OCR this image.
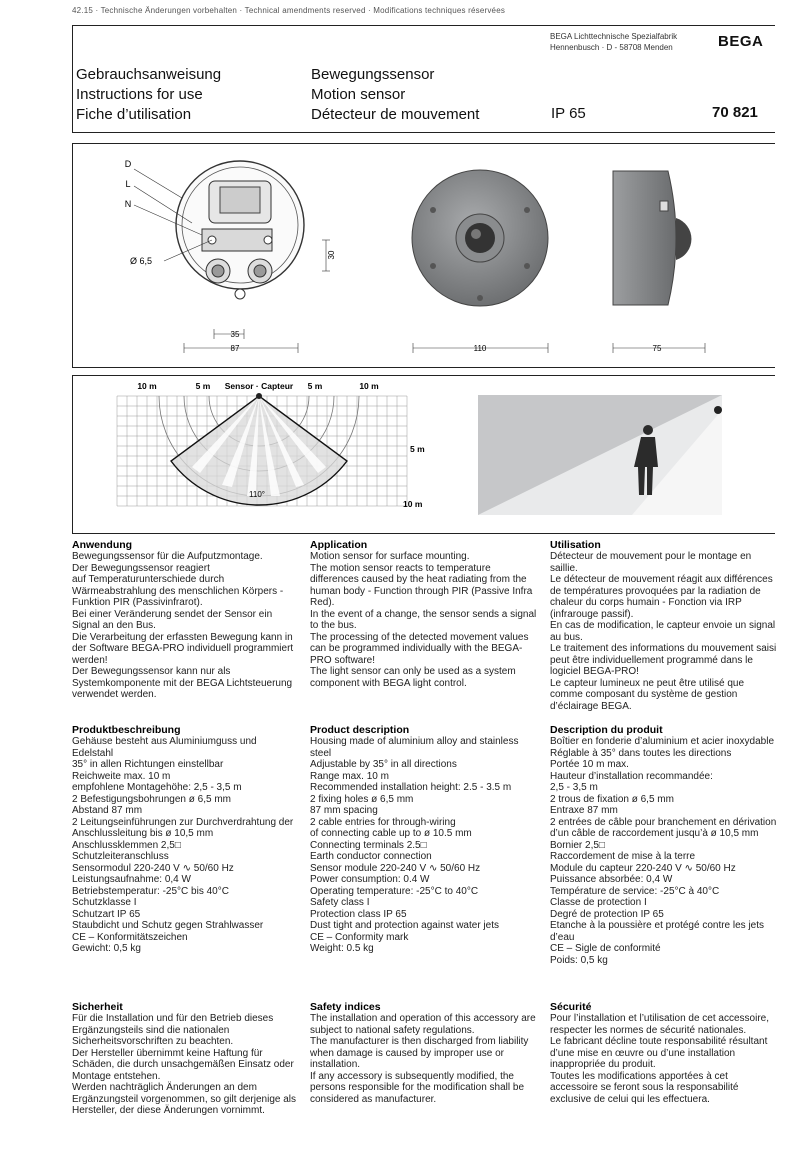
42.15 · Technische Änderungen vorbehalten · Technical amendments reserved · Modifications techniques réservées
BEGA Lichttechnische Spezialfabrik
Hennenbusch · D - 58708 Menden	BEGA
Gebrauchsanweisung
Instructions for use
Fiche d’utilisation
Bewegungssensor
Motion sensor
Détecteur de mouvement	IP 65	70 821
D
L
N
Ø 6,5
30
35
87	110	75
10 m	5 m Sensor · Capteur 5 m	10 m
5 m
10 m
110°
Anwendung

Bewegungssensor für die Aufputzmontage.
Der Bewegungssensor reagiert
auf Temperaturunterschiede durch
Wärmeabstrahlung des menschlichen Körpers - Funktion PIR (Passivinfrarot).
Bei einer Veränderung sendet der Sensor ein Signal an den Bus.
Die Verarbeitung der erfassten Bewegung kann in der Software BEGA-PRO individuell programmiert werden!
Der Bewegungssensor kann nur als Systemkomponente mit der BEGA Lichtsteuerung verwendet werden.

Application

Motion sensor for surface mounting.
The motion sensor reacts to temperature differences caused by the heat radiating from the human body - Function through PIR (Passive Infra Red).
In the event of a change, the sensor sends a signal to the bus.
The processing of the detected movement values can be programmed individually with the BEGA-PRO software!
The light sensor can only be used as a system component with BEGA light control.

Utilisation

Détecteur de mouvement pour le montage en saillie.
Le détecteur de mouvement réagit aux différences de températures provoquées par la radiation de chaleur du corps humain - Fonction via IRP (infrarouge passif).
En cas de modification, le capteur envoie un signal au bus.
Le traitement des informations du mouvement saisi peut être individuellement programmé dans le logiciel BEGA-PRO!
Le capteur lumineux ne peut être utilisé que comme composant du système de gestion d’éclairage BEGA.

Produktbeschreibung

Gehäuse besteht aus Aluminiumguss und Edelstahl
35° in allen Richtungen einstellbar
Reichweite max. 10 m
empfohlene Montagehöhe: 2,5 - 3,5 m
2 Befestigungsbohrungen ø 6,5 mm
Abstand 87 mm
2 Leitungseinführungen zur Durchverdrahtung der Anschlussleitung bis ø 10,5 mm
Anschlussklemmen 2,5□
Schutzleiteranschluss
Sensormodul 220-240 V ∿ 50/60 Hz
Leistungsaufnahme: 0,4 W
Betriebstemperatur: -25°C bis 40°C
Schutzklasse I
Schutzart IP 65
Staubdicht und Schutz gegen Strahlwasser
CE – Konformitätszeichen
Gewicht: 0,5 kg

Product description

Housing made of aluminium alloy and stainless steel
Adjustable by 35° in all directions
Range max. 10 m
Recommended installation height: 2.5 - 3.5 m
2 fixing holes ø 6,5 mm
87 mm spacing
2 cable entries for through-wiring
of connecting cable up to ø 10.5 mm
Connecting terminals 2.5□
Earth conductor connection
Sensor module 220-240 V ∿ 50/60 Hz
Power consumption: 0.4 W
Operating temperature: -25°C to 40°C
Safety class I
Protection class IP 65
Dust tight and protection against water jets
CE – Conformity mark
Weight: 0.5 kg

Description du produit

Boîtier en fonderie d’aluminium et acier inoxydable
Réglable à 35° dans toutes les directions
Portée 10 m max.
Hauteur d’installation recommandée:
2,5 - 3,5 m
2 trous de fixation ø 6,5 mm
Entraxe 87 mm
2 entrées de câble pour branchement en dérivation d’un câble de raccordement jusqu’à ø 10,5 mm
Bornier 2,5□
Raccordement de mise à la terre
Module du capteur 220-240 V ∿ 50/60 Hz
Puissance absorbée: 0,4 W
Température de service: -25°C à 40°C
Classe de protection I
Degré de protection IP 65
Etanche à la poussière et protégé contre les jets d’eau
CE – Sigle de conformité
Poids: 0,5 kg

Sicherheit

Für die Installation und für den Betrieb dieses Ergänzungsteils sind die nationalen Sicherheitsvorschriften zu beachten.
Der Hersteller übernimmt keine Haftung für Schäden, die durch unsachgemäßen Einsatz oder Montage entstehen.
Werden nachträglich Änderungen an dem Ergänzungsteil vorgenommen, so gilt derjenige als Hersteller, der diese Änderungen vornimmt.

Safety indices

The installation and operation of this accessory are subject to national safety regulations.
The manufacturer is then discharged from liability when damage is caused by improper use or installation.
If any accessory is subsequently modified, the persons responsible for the modification shall be considered as manufacturer.

Sécurité

Pour l’installation et l’utilisation de cet accessoire, respecter les normes de sécurité nationales.
Le fabricant décline toute responsabilité résultant d’une mise en œuvre ou d’une installation inappropriée du produit.
Toutes les modifications apportées à cet accessoire se feront sous la responsabilité exclusive de celui qui les effectuera.
